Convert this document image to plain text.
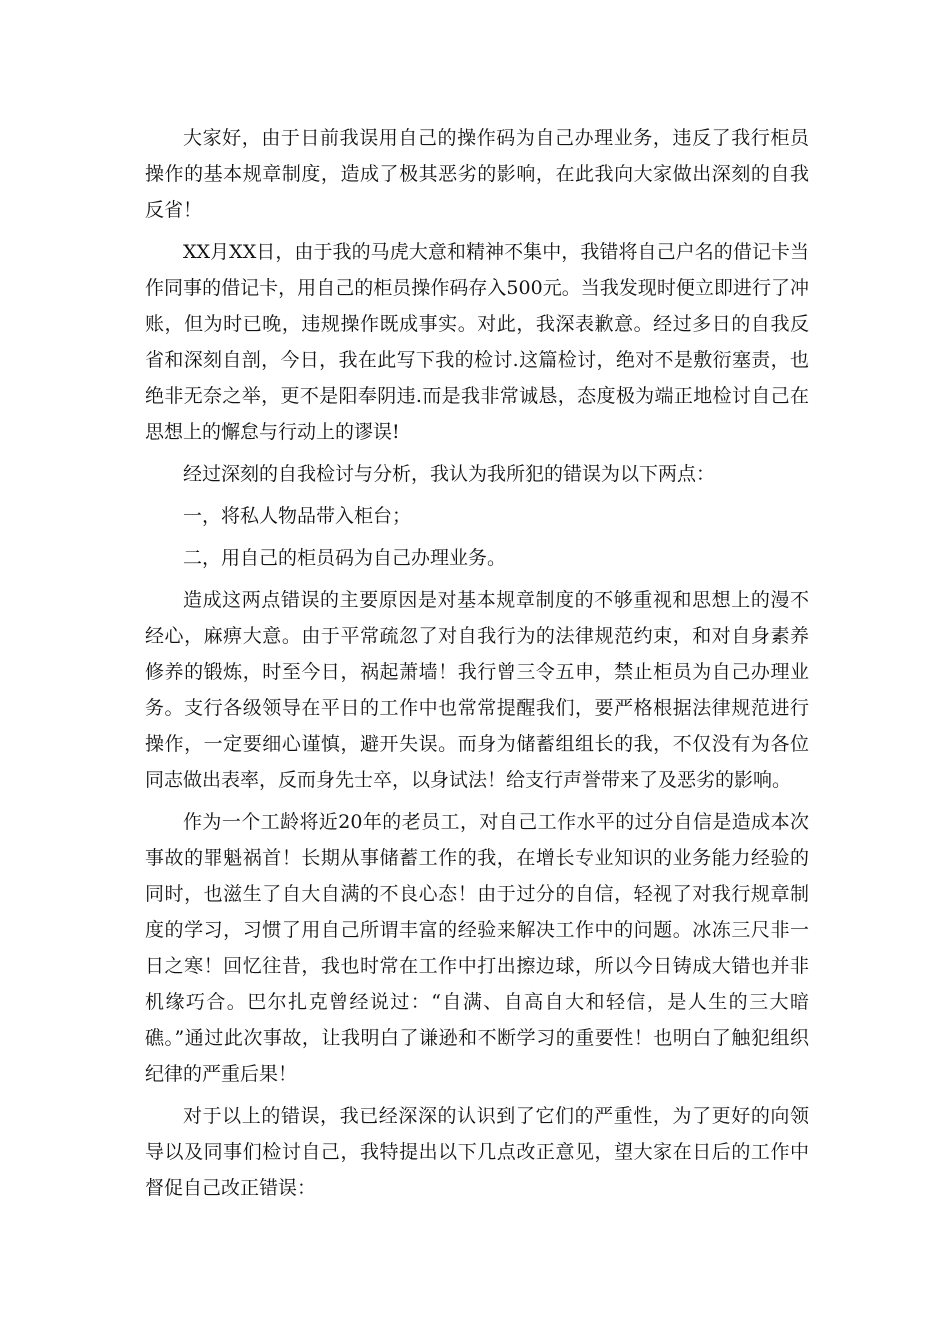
大家好，由于日前我误用自己的操作码为自己办理业务，违反了我行柜员操作的基本规章制度，造成了极其恶劣的影响，在此我向大家做出深刻的自我反省！

XX月XX日，由于我的马虎大意和精神不集中，我错将自己户名的借记卡当作同事的借记卡，用自己的柜员操作码存入500元。当我发现时便立即进行了冲账，但为时已晚，违规操作既成事实。对此，我深表歉意。经过多日的自我反省和深刻自剖，今日，我在此写下我的检讨.这篇检讨，绝对不是敷衍塞责，也绝非无奈之举，更不是阳奉阴违.而是我非常诚恳，态度极为端正地检讨自己在思想上的懈怠与行动上的谬误!

经过深刻的自我检讨与分析，我认为我所犯的错误为以下两点：

一，将私人物品带入柜台；

二，用自己的柜员码为自己办理业务。

造成这两点错误的主要原因是对基本规章制度的不够重视和思想上的漫不经心，麻痹大意。由于平常疏忽了对自我行为的法律规范约束，和对自身素养修养的锻炼，时至今日，祸起萧墙！我行曾三令五申，禁止柜员为自己办理业务。支行各级领导在平日的工作中也常常提醒我们，要严格根据法律规范进行操作，一定要细心谨慎，避开失误。而身为储蓄组组长的我，不仅没有为各位同志做出表率，反而身先士卒，以身试法！给支行声誉带来了及恶劣的影响。

作为一个工龄将近20年的老员工，对自己工作水平的过分自信是造成本次事故的罪魁祸首！长期从事储蓄工作的我，在增长专业知识的业务能力经验的同时，也滋生了自大自满的不良心态！由于过分的自信，轻视了对我行规章制度的学习，习惯了用自己所谓丰富的经验来解决工作中的问题。冰冻三尺非一日之寒！回忆往昔，我也时常在工作中打出擦边球，所以今日铸成大错也并非机缘巧合。巴尔扎克曾经说过：“自满、自高自大和轻信，是人生的三大暗礁。”通过此次事故，让我明白了谦逊和不断学习的重要性！也明白了触犯组织纪律的严重后果！

对于以上的错误，我已经深深的认识到了它们的严重性，为了更好的向领导以及同事们检讨自己，我特提出以下几点改正意见，望大家在日后的工作中督促自己改正错误：
